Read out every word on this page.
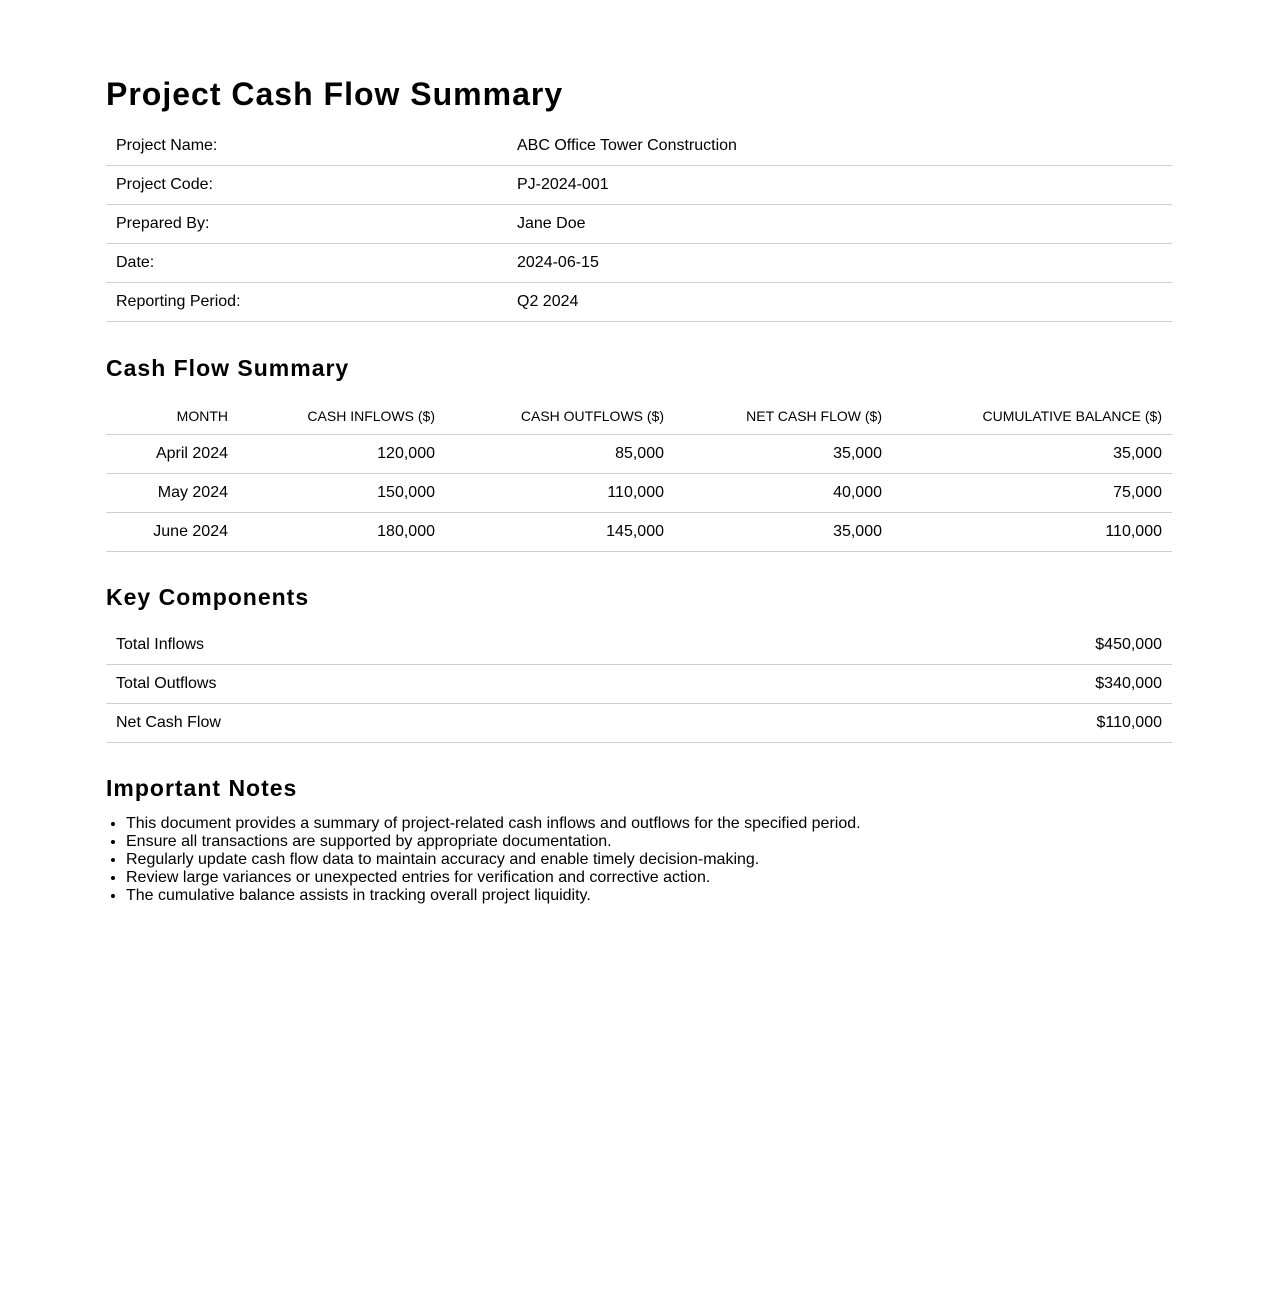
Project Cash Flow Summary
Project Name:	ABC Office Tower Construction
Project Code:	PJ-2024-001
Prepared By:	Jane Doe
Date:	2024-06-15
Reporting Period:	Q2 2024
Cash Flow Summary
MONTH	CASH INFLOWS ($)	CASH OUTFLOWS ($)	NET CASH FLOW ($)	CUMULATIVE BALANCE ($)
April 2024	120,000	85,000	35,000	35,000
May 2024	150,000	110,000	40,000	75,000
June 2024	180,000	145,000	35,000	110,000
Key Components
Total Inflows	$450,000
Total Outflows	$340,000
Net Cash Flow	$110,000
Important Notes
• This document provides a summary of project-related cash inflows and outflows for the specified period.
• Ensure all transactions are supported by appropriate documentation.
• Regularly update cash flow data to maintain accuracy and enable timely decision-making.
• Review large variances or unexpected entries for verification and corrective action.
• The cumulative balance assists in tracking overall project liquidity.
